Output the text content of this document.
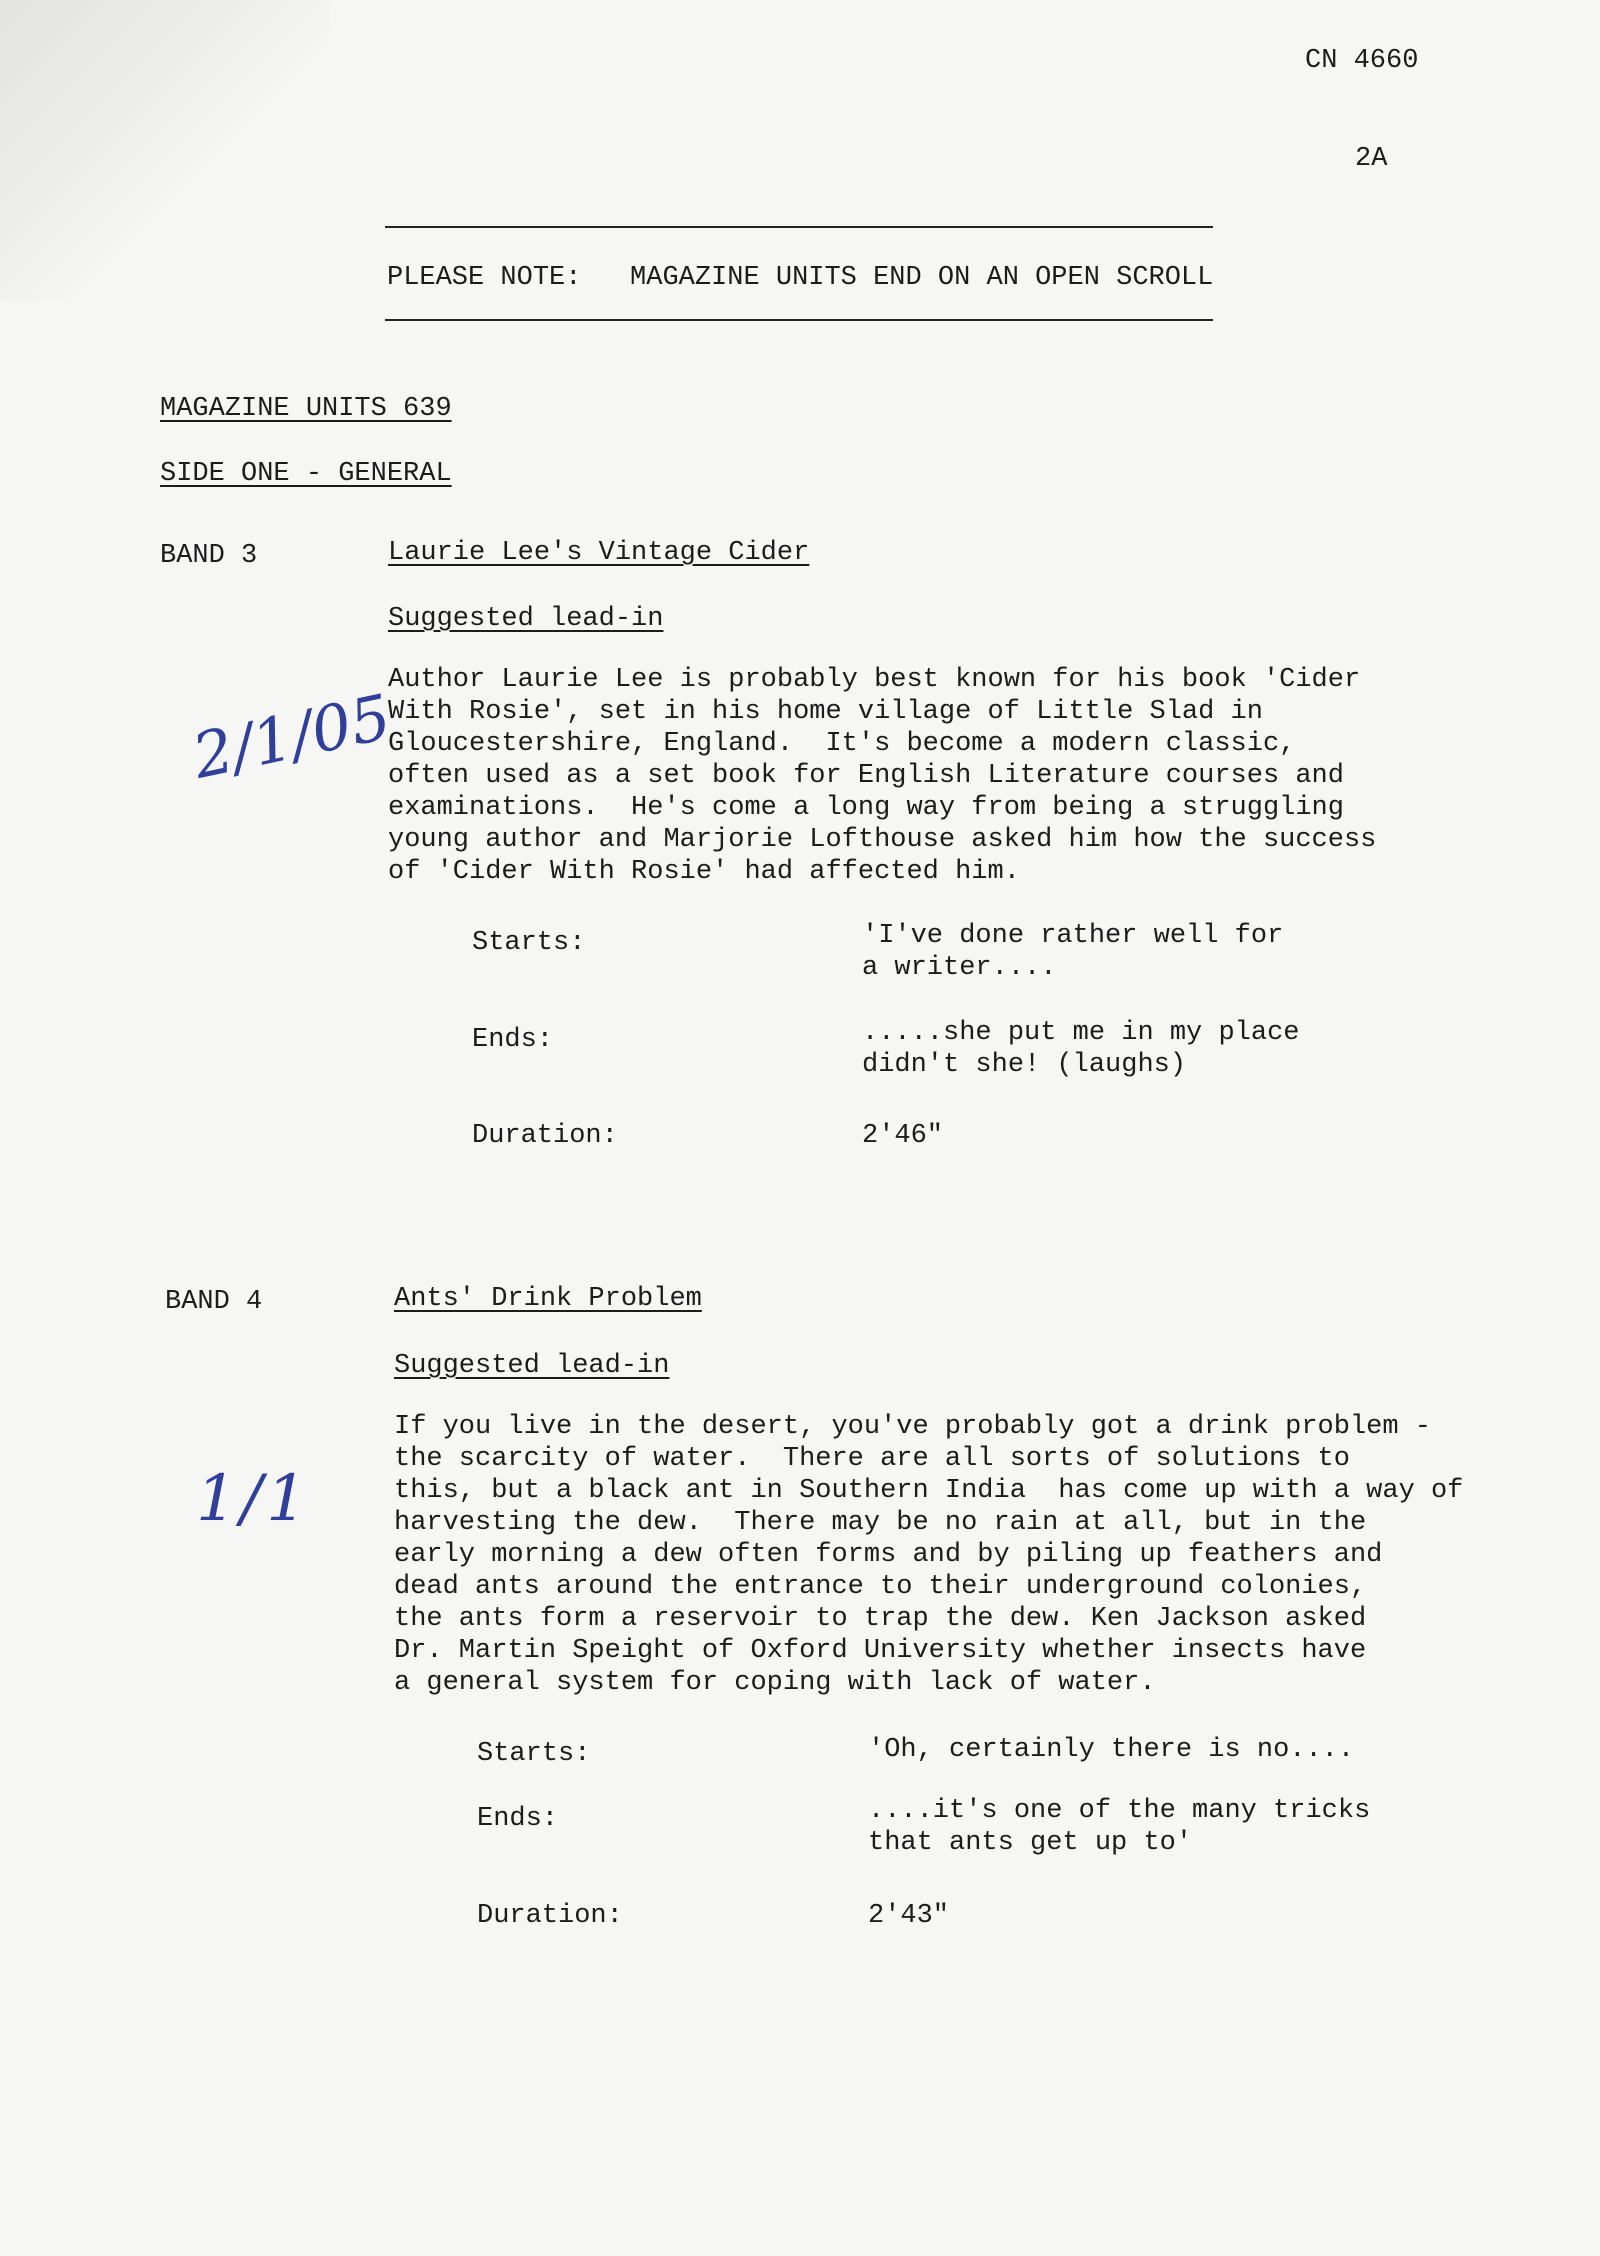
CN 4660
2A
PLEASE NOTE:   MAGAZINE UNITS END ON AN OPEN SCROLL
MAGAZINE UNITS 639
SIDE ONE - GENERAL
BAND 3	Laurie Lee's Vintage Cider
Suggested lead-in
Author Laurie Lee is probably best known for his book 'Cider
With Rosie', set in his home village of Little Slad in
Gloucestershire, England.  It's become a modern classic,
often used as a set book for English Literature courses and
examinations.  He's come a long way from being a struggling
young author and Marjorie Lofthouse asked him how the success
of 'Cider With Rosie' had affected him.
Starts:	'I've done rather well for
a writer....
Ends:	.....she put me in my place
didn't she! (laughs)
Duration:	2'46"
2/1/05
BAND 4	Ants' Drink Problem
Suggested lead-in
If you live in the desert, you've probably got a drink problem -
the scarcity of water.  There are all sorts of solutions to
this, but a black ant in Southern India  has come up with a way of
harvesting the dew.  There may be no rain at all, but in the
early morning a dew often forms and by piling up feathers and
dead ants around the entrance to their underground colonies,
the ants form a reservoir to trap the dew. Ken Jackson asked
Dr. Martin Speight of Oxford University whether insects have
a general system for coping with lack of water.
Starts:	'Oh, certainly there is no....
Ends:	....it's one of the many tricks
that ants get up to'
Duration:	2'43"
1/1
